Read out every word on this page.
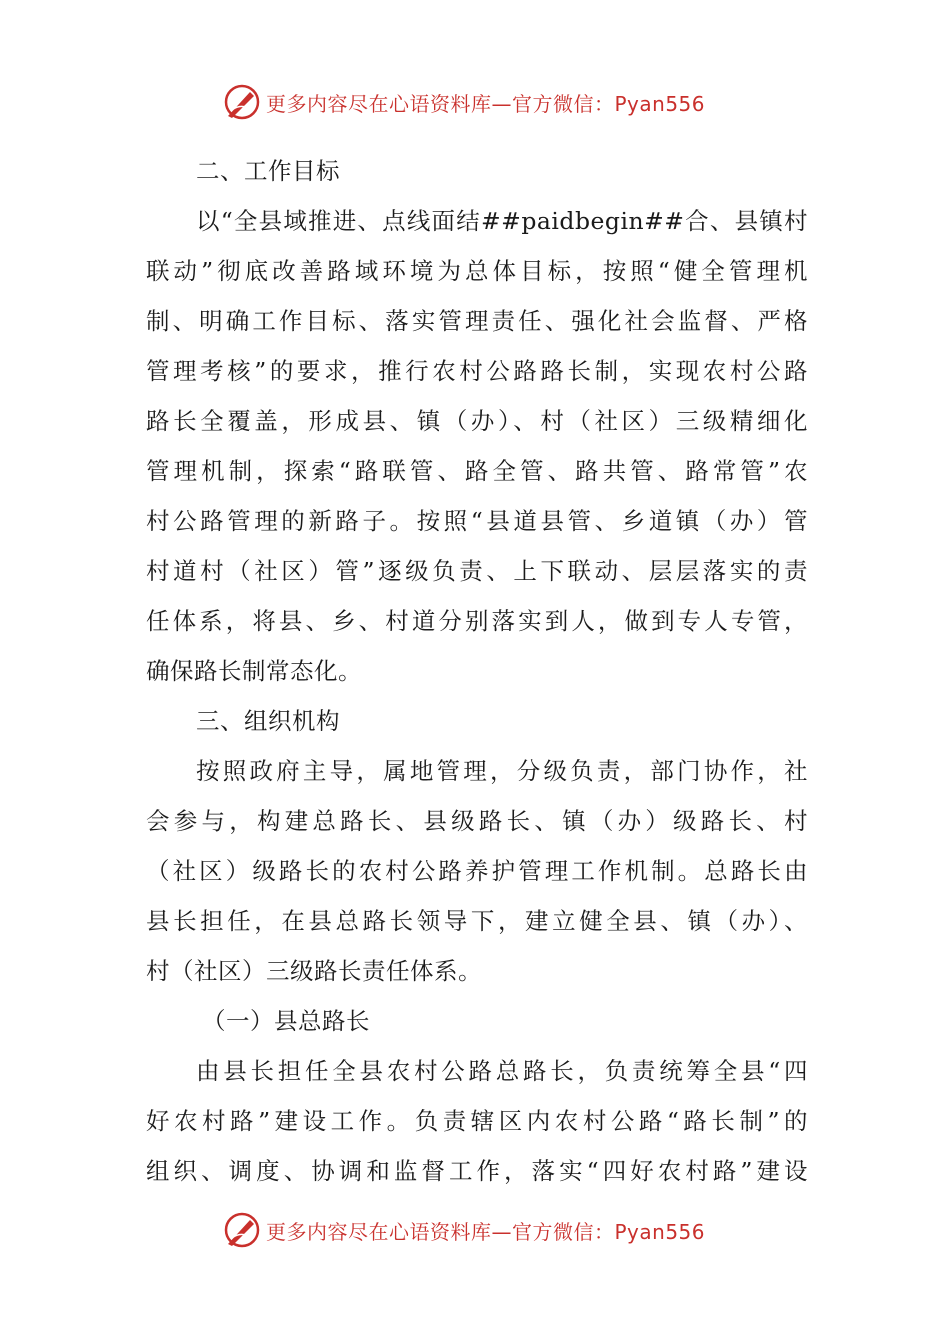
更多内容尽在心语资料库—官方微信：Pyan556
二、工作目标
以“全县域推进、点线面结##paidbegin##合、县镇村
联动”彻底改善路域环境为总体目标，按照“健全管理机
制、明确工作目标、落实管理责任、强化社会监督、严格
管理考核”的要求，推行农村公路路长制，实现农村公路
路长全覆盖，形成县、镇（办）、村（社区）三级精细化
管理机制，探索“路联管、路全管、路共管、路常管”农
村公路管理的新路子。按照“县道县管、乡道镇（办）管
村道村（社区）管”逐级负责、上下联动、层层落实的责
任体系，将县、乡、村道分别落实到人，做到专人专管，
确保路长制常态化。
三、组织机构
按照政府主导，属地管理，分级负责，部门协作，社
会参与，构建总路长、县级路长、镇（办）级路长、村
（社区）级路长的农村公路养护管理工作机制。总路长由
县长担任，在县总路长领导下，建立健全县、镇（办）、
村（社区）三级路长责任体系。
（一）县总路长
由县长担任全县农村公路总路长，负责统筹全县“四
好农村路”建设工作。负责辖区内农村公路“路长制”的
组织、调度、协调和监督工作，落实“四好农村路”建设
更多内容尽在心语资料库—官方微信：Pyan556
